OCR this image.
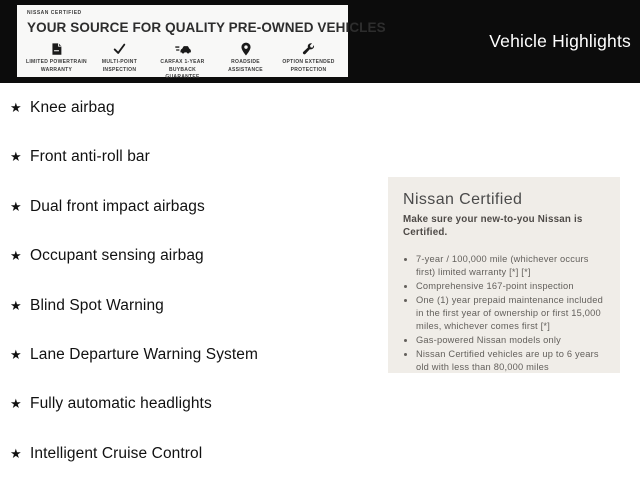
NISSAN CERTIFIED
YOUR SOURCE FOR QUALITY PRE-OWNED VEHICLES
LIMITED POWERTRAIN WARRANTY
MULTI-POINT INSPECTION
CARFAX 1-YEAR BUYBACK GUARANTEE
ROADSIDE ASSISTANCE
OPTION EXTENDED PROTECTION
Vehicle Highlights
★ Knee airbag
★ Front anti-roll bar
★ Dual front impact airbags
★ Occupant sensing airbag
★ Blind Spot Warning
★ Lane Departure Warning System
★ Fully automatic headlights
★ Intelligent Cruise Control
Nissan Certified
Make sure your new-to-you Nissan is Certified.
• 7-year / 100,000 mile (whichever occurs first) limited warranty [*] [*]
• Comprehensive 167-point inspection
• One (1) year prepaid maintenance included in the first year of ownership or first 15,000 miles, whichever comes first [*]
• Gas-powered Nissan models only
• Nissan Certified vehicles are up to 6 years old with less than 80,000 miles
